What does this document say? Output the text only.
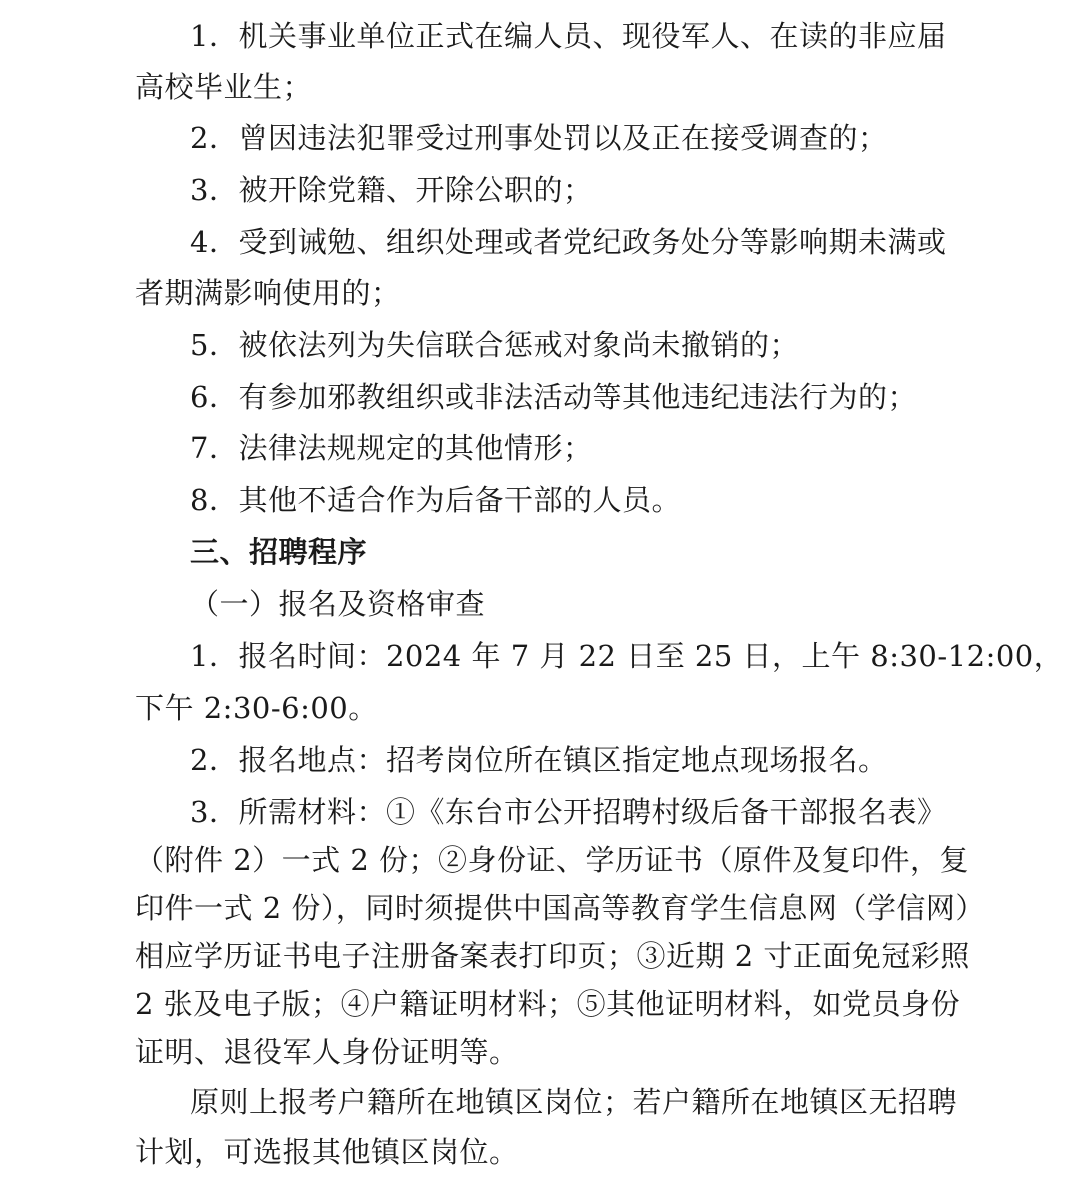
1．机关事业单位正式在编人员、现役军人、在读的非应届
高校毕业生；
2．曾因违法犯罪受过刑事处罚以及正在接受调查的；
3．被开除党籍、开除公职的；
4．受到诫勉、组织处理或者党纪政务处分等影响期未满或
者期满影响使用的；
5．被依法列为失信联合惩戒对象尚未撤销的；
6．有参加邪教组织或非法活动等其他违纪违法行为的；
7．法律法规规定的其他情形；
8．其他不适合作为后备干部的人员。
三、招聘程序
（一）报名及资格审查
1．报名时间：2024 年 7 月 22 日至 25 日，上午 8:30-12:00，
下午 2:30-6:00。
2．报名地点：招考岗位所在镇区指定地点现场报名。
3．所需材料：①《东台市公开招聘村级后备干部报名表》
（附件 2）一式 2 份；②身份证、学历证书（原件及复印件，复
印件一式 2 份），同时须提供中国高等教育学生信息网（学信网）
相应学历证书电子注册备案表打印页；③近期 2 寸正面免冠彩照
2 张及电子版；④户籍证明材料；⑤其他证明材料，如党员身份
证明、退役军人身份证明等。
原则上报考户籍所在地镇区岗位；若户籍所在地镇区无招聘
计划，可选报其他镇区岗位。
